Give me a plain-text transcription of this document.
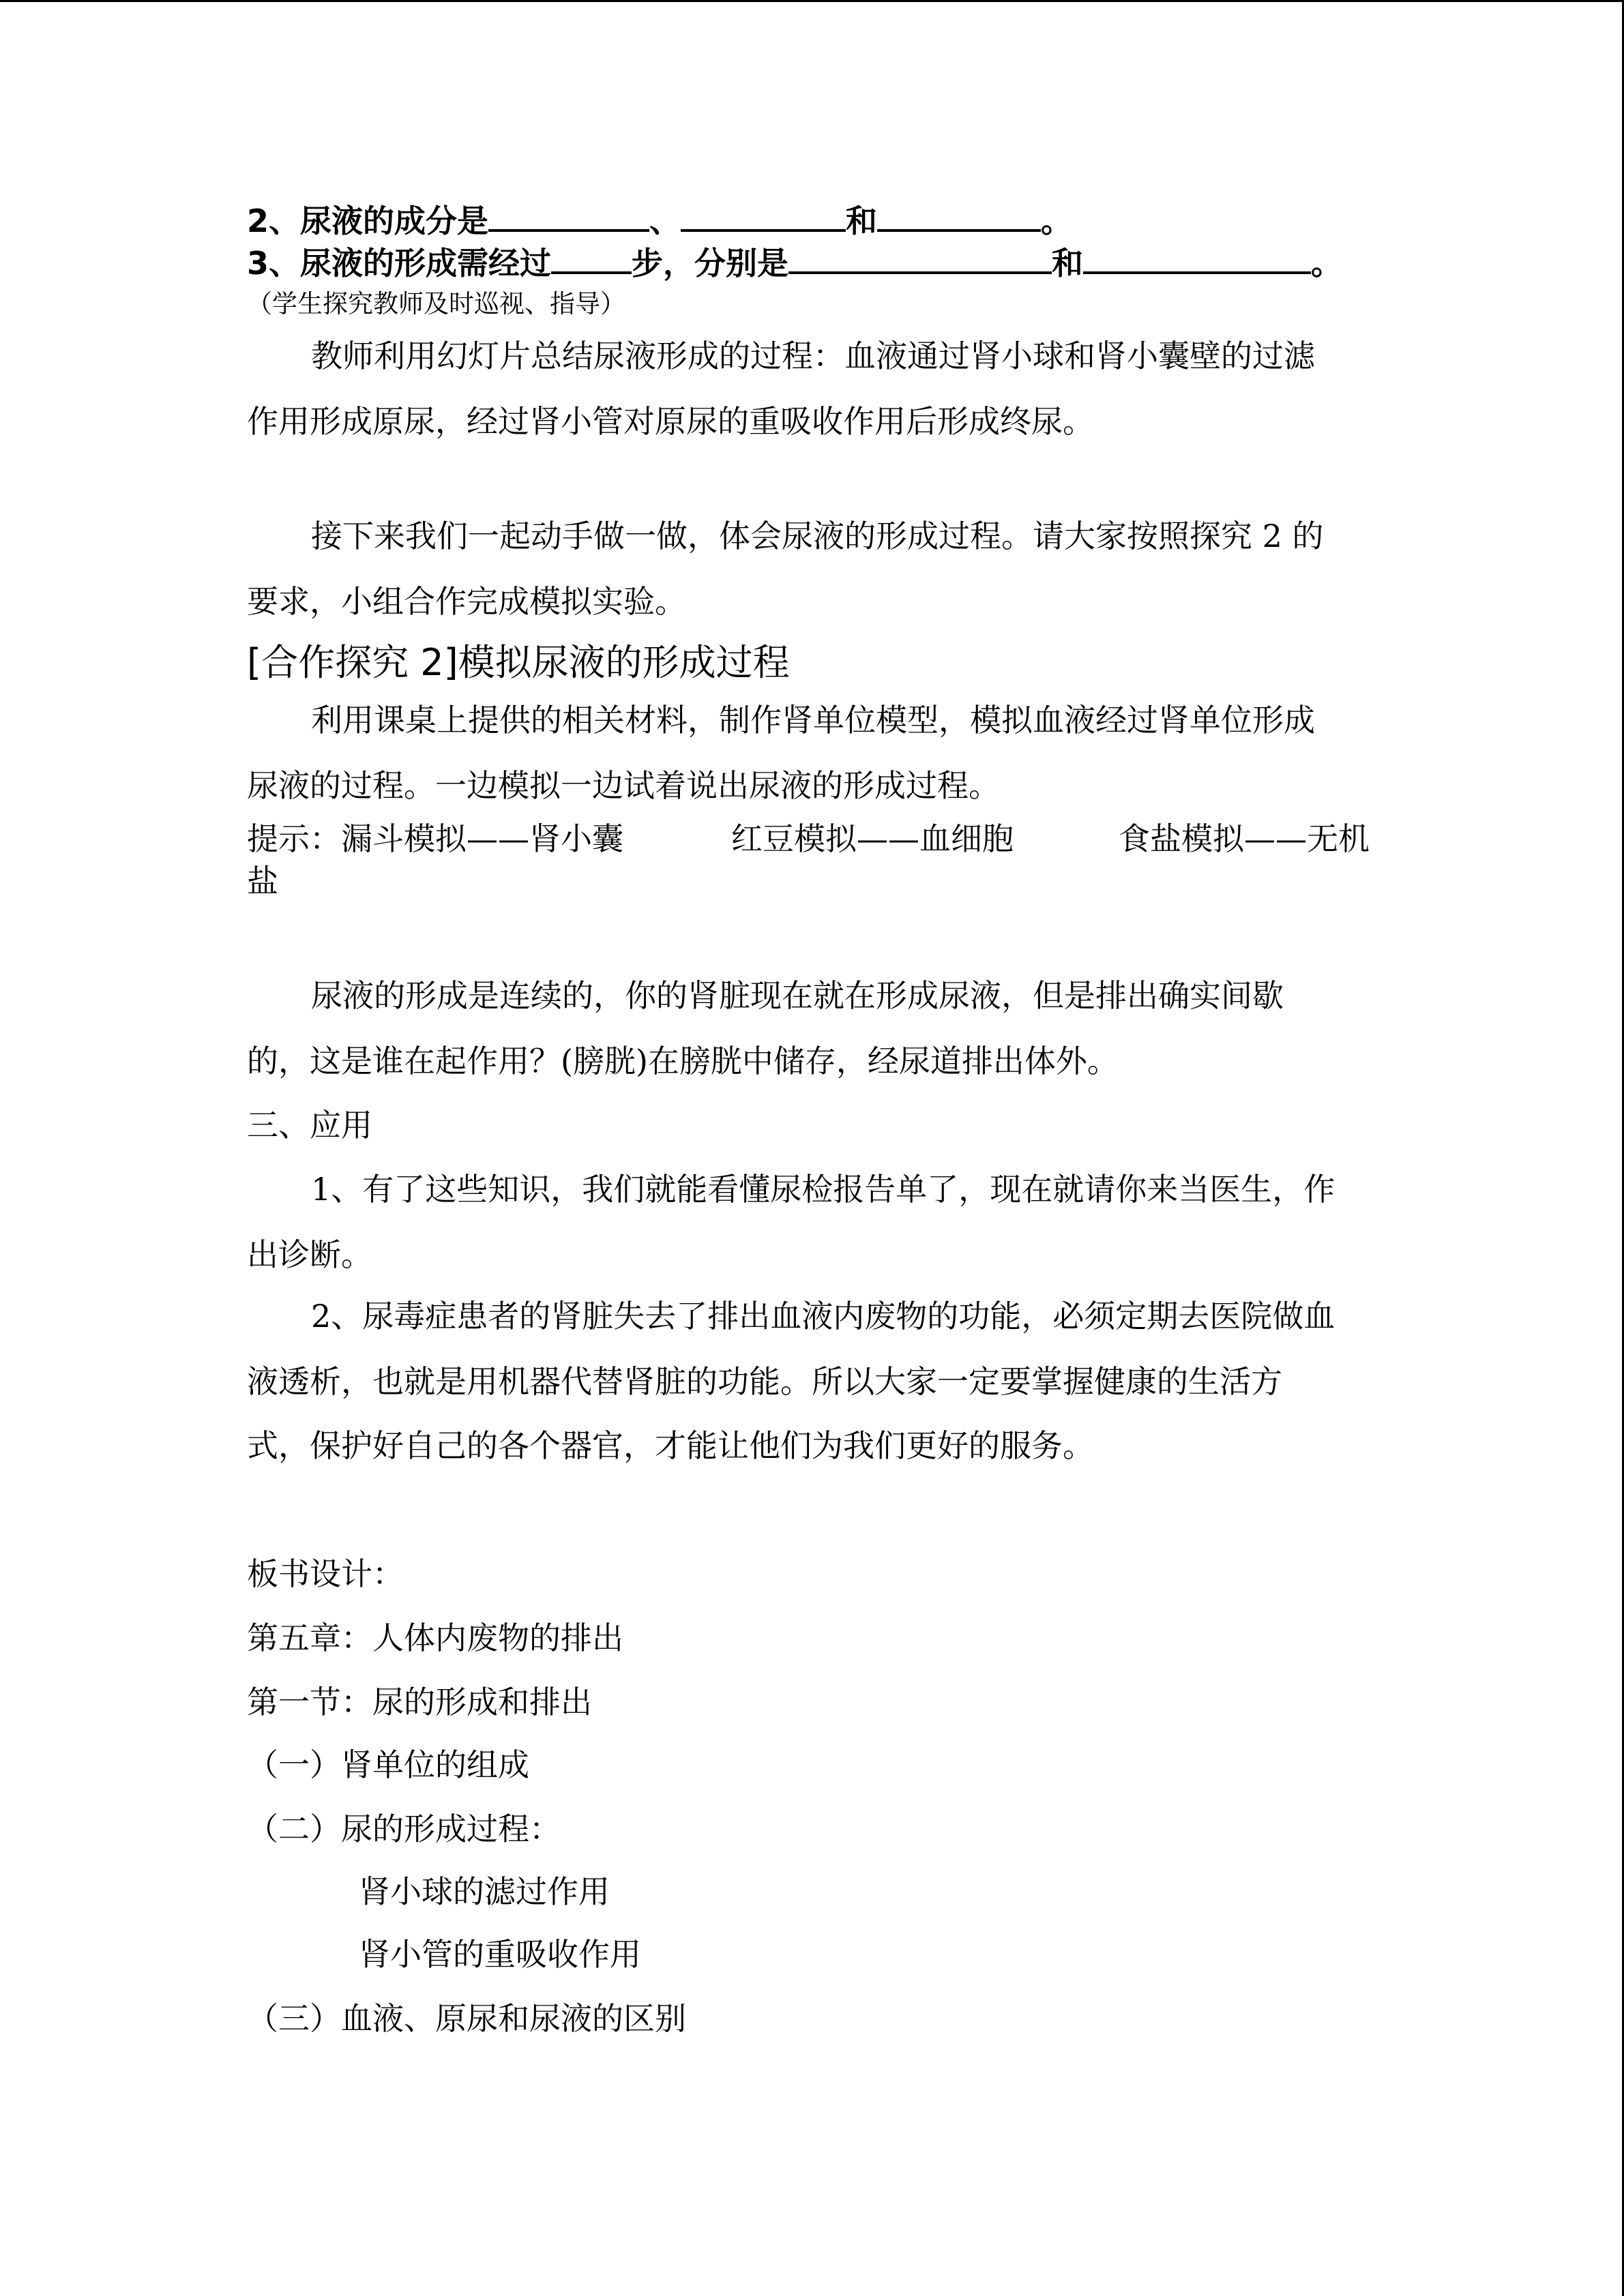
2、尿液的成分是	、	和	。
3、尿液的形成需经过	步，分别是	和	。
（学生探究教师及时巡视、指导）
教师利用幻灯片总结尿液形成的过程：血液通过肾小球和肾小囊壁的过滤
作用形成原尿，经过肾小管对原尿的重吸收作用后形成终尿。
接下来我们一起动手做一做，体会尿液的形成过程。请大家按照探究 2 的
要求，小组合作完成模拟实验。
[合作探究 2]模拟尿液的形成过程
利用课桌上提供的相关材料，制作肾单位模型，模拟血液经过肾单位形成
尿液的过程。一边模拟一边试着说出尿液的形成过程。
提示：漏斗模拟——肾小囊	红豆模拟——血细胞	食盐模拟——无机
盐
尿液的形成是连续的，你的肾脏现在就在形成尿液，但是排出确实间歇
的，这是谁在起作用？(膀胱)在膀胱中储存，经尿道排出体外。
三、应用
1、有了这些知识，我们就能看懂尿检报告单了，现在就请你来当医生，作
出诊断。
2、尿毒症患者的肾脏失去了排出血液内废物的功能，必须定期去医院做血
液透析，也就是用机器代替肾脏的功能。所以大家一定要掌握健康的生活方
式，保护好自己的各个器官，才能让他们为我们更好的服务。
板书设计：
第五章：人体内废物的排出
第一节：尿的形成和排出
（一）肾单位的组成
（二）尿的形成过程：
肾小球的滤过作用
肾小管的重吸收作用
（三）血液、原尿和尿液的区别
